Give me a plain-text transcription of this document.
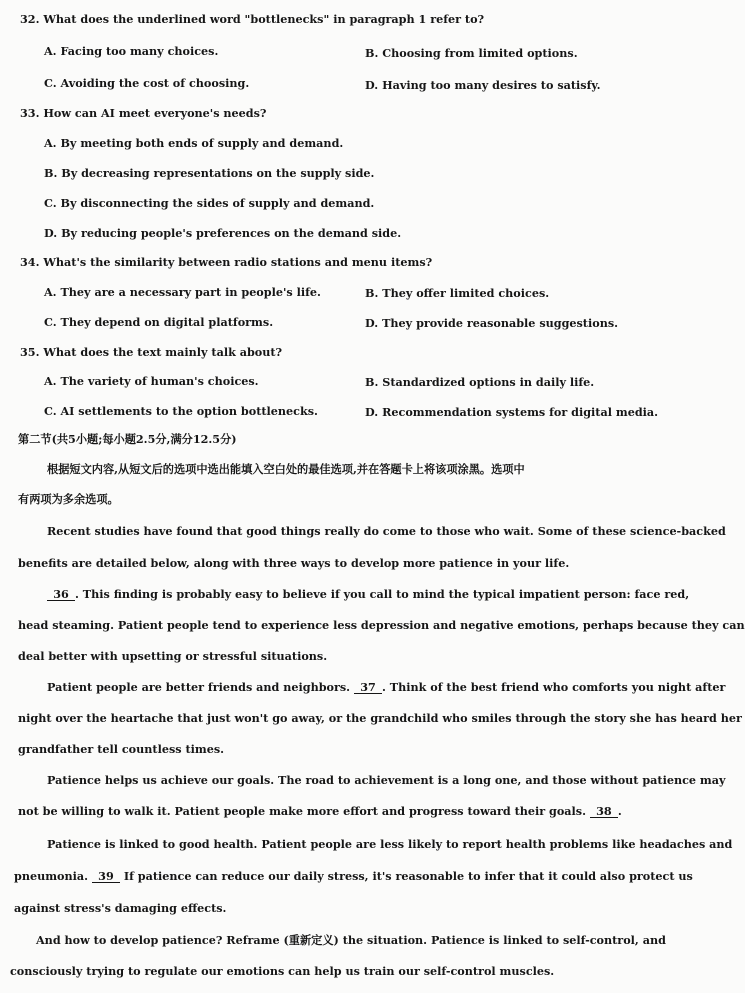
32. What does the underlined word "bottlenecks" in paragraph 1 refer to?
A. Facing too many choices.	B. Choosing from limited options.
C. Avoiding the cost of choosing.	D. Having too many desires to satisfy.
33. How can AI meet everyone's needs?
A. By meeting both ends of supply and demand.
B. By decreasing representations on the supply side.
C. By disconnecting the sides of supply and demand.
D. By reducing people's preferences on the demand side.
34. What's the similarity between radio stations and menu items?
A. They are a necessary part in people's life.	B. They offer limited choices.
C. They depend on digital platforms.	D. They provide reasonable suggestions.
35. What does the text mainly talk about?
A. The variety of human's choices.	B. Standardized options in daily life.
C. AI settlements to the option bottlenecks.	D. Recommendation systems for digital media.
第二节(共5小题;每小题2.5分,满分12.5分)
根据短文内容,从短文后的选项中选出能填入空白处的最佳选项,并在答题卡上将该项涂黑。选项中
有两项为多余选项。
Recent studies have found that good things really do come to those who wait. Some of these science-backed
benefits are detailed below, along with three ways to develop more patience in your life.
36 . This finding is probably easy to believe if you call to mind the typical impatient person: face red,
head steaming. Patient people tend to experience less depression and negative emotions, perhaps because they can
deal better with upsetting or stressful situations.
Patient people are better friends and neighbors. 37 . Think of the best friend who comforts you night after
night over the heartache that just won't go away, or the grandchild who smiles through the story she has heard her
grandfather tell countless times.
Patience helps us achieve our goals. The road to achievement is a long one, and those without patience may
not be willing to walk it. Patient people make more effort and progress toward their goals. 38 .
Patience is linked to good health. Patient people are less likely to report health problems like headaches and
pneumonia. 39 If patience can reduce our daily stress, it's reasonable to infer that it could also protect us
against stress's damaging effects.
And how to develop patience? Reframe (重新定义) the situation. Patience is linked to self-control, and
consciously trying to regulate our emotions can help us train our self-control muscles.
